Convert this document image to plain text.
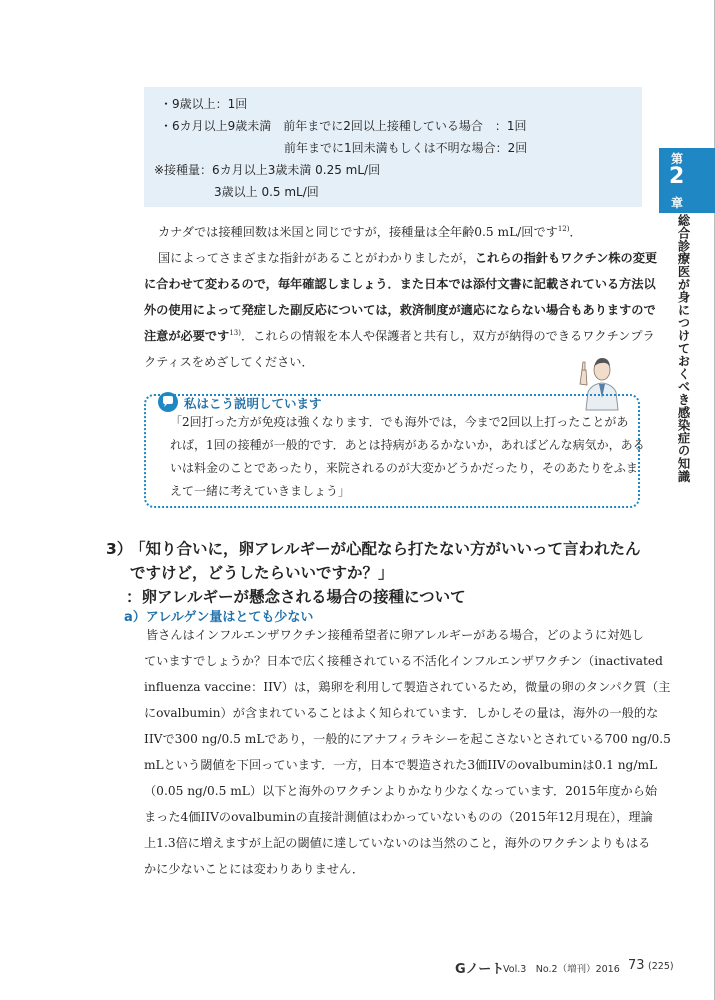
・9歳以上：1回
・6カ月以上9歳未満　前年までに2回以上接種している場合　：1回
前年までに1回未満もしくは不明な場合：2回
※接種量：6カ月以上3歳未満 0.25 mL/回
3歳以上 0.5 mL/回
カナダでは接種回数は米国と同じですが，接種量は全年齢0.5 mL/回です$^{12)}$．
国によってさまざまな指針があることがわかりましたが，これらの指針もワクチン株の変更
に合わせて変わるので，毎年確認しましょう．また日本では添付文書に記載されている方法以
外の使用によって発症した副反応については，救済制度が適応にならない場合もありますので
注意が必要です$^{13)}$．これらの情報を本人や保護者と共有し，双方が納得のできるワクチンプラ
クティスをめざしてください．
私はこう説明しています
「2回打った方が免疫は強くなります．でも海外では，今まで2回以上打ったことがあ
れば，1回の接種が一般的です．あとは持病があるかないか，あればどんな病気か，ある
いは料金のことであったり，来院されるのが大変かどうかだったり，そのあたりをふま
えて一緒に考えていきましょう」
3）
「知り合いに，卵アレルギーが心配なら打たない方がいいって言われたん
ですけど，どうしたらいいですか？」
：卵アレルギーが懸念される場合の接種について
a）アレルゲン量はとても少ない
皆さんはインフルエンザワクチン接種希望者に卵アレルギーがある場合，どのように対処し
ていますでしょうか？日本で広く接種されている不活化インフルエンザワクチン（inactivated
influenza vaccine：IIV）は，鶏卵を利用して製造されているため，微量の卵のタンパク質（主
にovalbumin）が含まれていることはよく知られています．しかしその量は，海外の一般的な
IIVで300 ng/0.5 mLであり，一般的にアナフィラキシーを起こさないとされている700 ng/0.5
mLという閾値を下回っています．一方，日本で製造された3価IIVのovalbuminは0.1 ng/mL
（0.05 ng/0.5 mL）以下と海外のワクチンよりかなり少なくなっています．2015年度から始
まった4価IIVのovalbuminの直接計測値はわかっていないものの（2015年12月現在），理論
上1.3倍に増えますが上記の閾値に達していないのは当然のこと，海外のワクチンよりもはる
かに少ないことには変わりありません．
第
2
章
総合診療医が身につけておくべき感染症の知識
Gノート
Vol.3　No.2（増刊）2016 73 (225)
